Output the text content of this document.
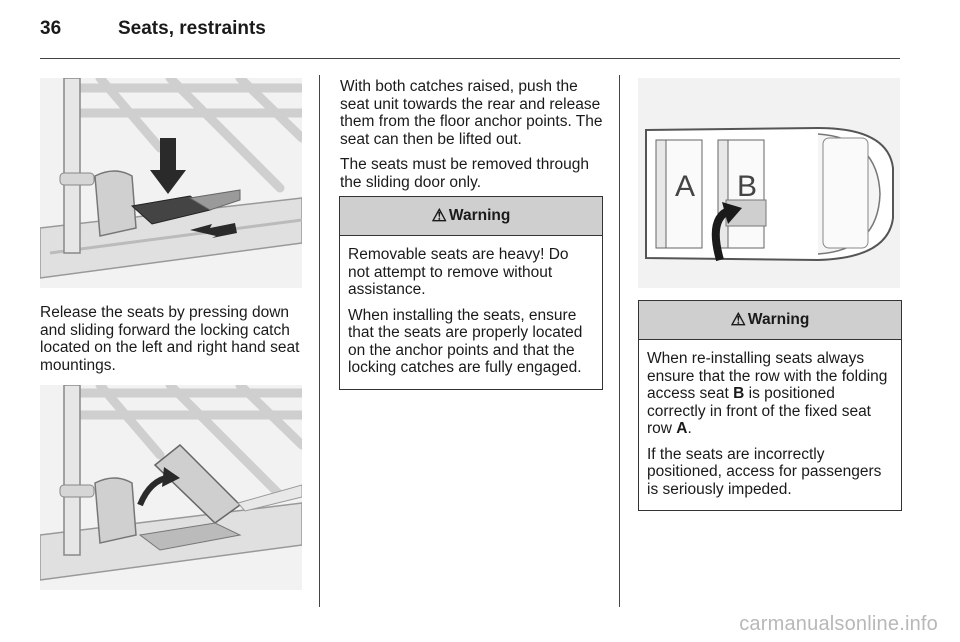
36	Seats, restraints

Release the seats by pressing down and sliding forward the locking catch located on the left and right hand seat mountings.

With both catches raised, push the seat unit towards the rear and release them from the floor anchor points. The seat can then be lifted out.

The seats must be removed through the sliding door only.

⚠ Warning

Removable seats are heavy! Do not attempt to remove without assistance.

When installing the seats, ensure that the seats are properly located on the anchor points and that the locking catches are fully engaged.

A B
⚠ Warning

When re-installing seats always ensure that the row with the folding access seat B is positioned correctly in front of the fixed seat row A.

If the seats are incorrectly positioned, access for passengers is seriously impeded.

carmanualsonline.info
